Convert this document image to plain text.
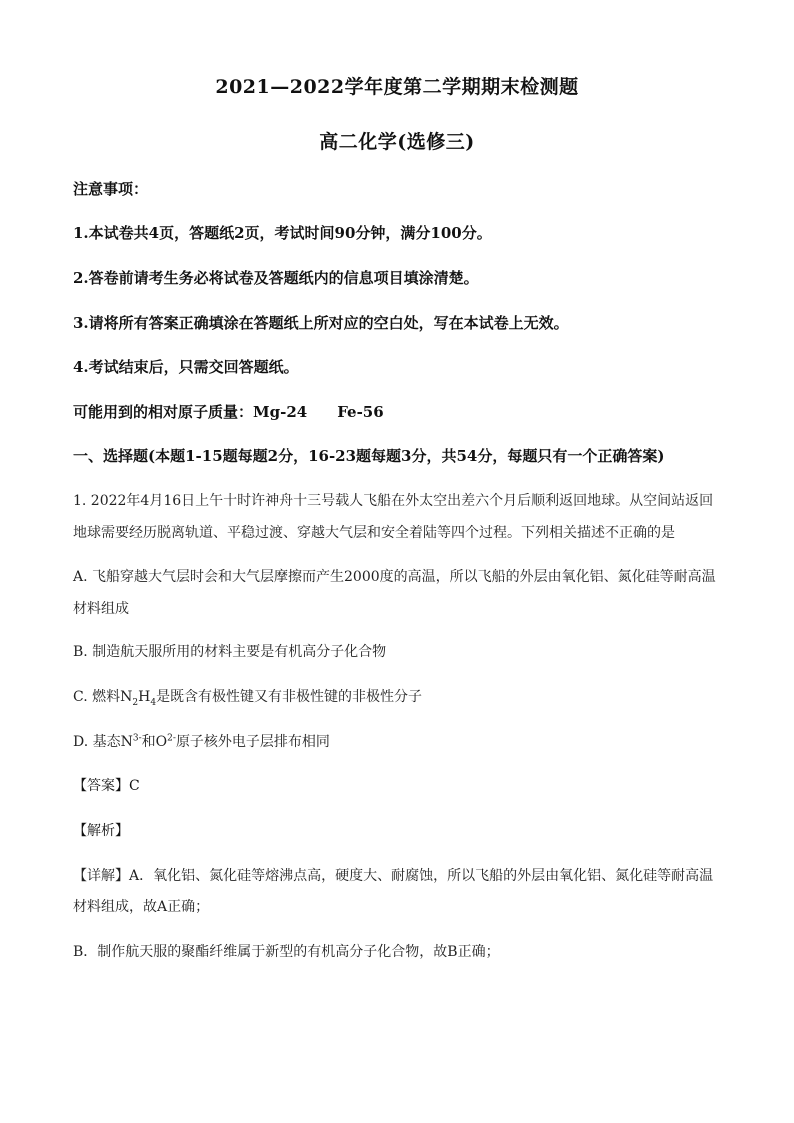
2021—2022学年度第二学期期末检测题
高二化学(选修三)
注意事项：
1.本试卷共4页，答题纸2页，考试时间90分钟，满分100分。
2.答卷前请考生务必将试卷及答题纸内的信息项目填涂清楚。
3.请将所有答案正确填涂在答题纸上所对应的空白处，写在本试卷上无效。
4.考试结束后，只需交回答题纸。
可能用到的相对原子质量：Mg-24　　Fe-56
一、选择题(本题1-15题每题2分，16-23题每题3分，共54分，每题只有一个正确答案)
1. 2022年4月16日上午十时许神舟十三号载人飞船在外太空出差六个月后顺利返回地球。从空间站返回
地球需要经历脱离轨道、平稳过渡、穿越大气层和安全着陆等四个过程。下列相关描述不正确的是
A. 飞船穿越大气层时会和大气层摩擦而产生2000度的高温，所以飞船的外层由氧化铝、氮化硅等耐高温
材料组成
B. 制造航天服所用的材料主要是有机高分子化合物
C. 燃料$N_2H_4$是既含有极性键又有非极性键的非极性分子
D. 基态$N^{3-}$和$O^{2-}$原子核外电子层排布相同
【答案】C
【解析】
【详解】A．氧化铝、氮化硅等熔沸点高，硬度大、耐腐蚀，所以飞船的外层由氧化铝、氮化硅等耐高温
材料组成，故A正确；
B．制作航天服的聚酯纤维属于新型的有机高分子化合物，故B正确；
